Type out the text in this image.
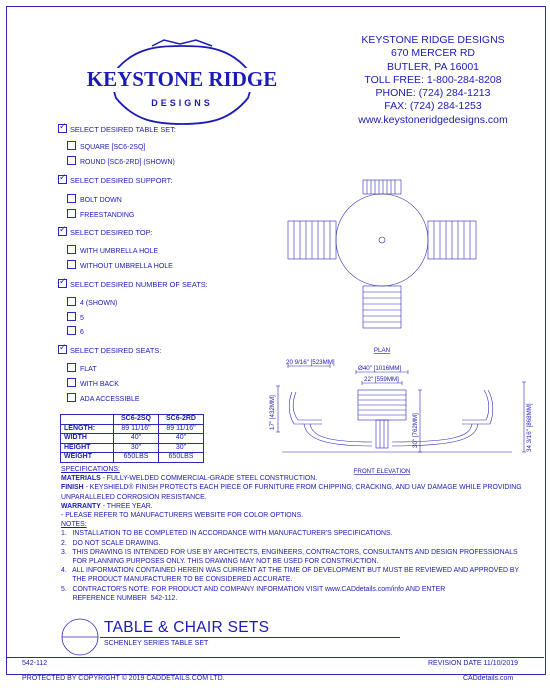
KEYSTONE RIDGE
DESIGNS
KEYSTONE RIDGE DESIGNS
670 MERCER RD
BUTLER, PA 16001
TOLL FREE: 1-800-284-8208
PHONE: (724) 284-1213
FAX: (724) 284-1253
www.keystoneridgedesigns.com
✓SELECT DESIRED TABLE SET:
SQUARE [SC6-2SQ]
ROUND [SC6-2RD] (SHOWN)
✓SELECT DESIRED SUPPORT:
BOLT DOWN
FREESTANDING
✓SELECT DESIRED TOP:
WITH UMBRELLA HOLE
WITHOUT UMBRELLA HOLE
✓SELECT DESIRED NUMBER OF SEATS:
4 (SHOWN)
5
6
✓SELECT DESIRED SEATS:
FLAT
WITH BACK
ADA ACCESSIBLE
	SC6-2SQ	SC6-2RD
LENGTH:	89 11/16"	89 11/16"
WIDTH	40"	40"
HEIGHT	30"	30"
WEIGHT	650LBS	650LBS
PLAN
20 9/16" [523MM]
Ø40" [1016MM]
22" [559MM]
17" [432MM]
30" [762MM]	34 3/16" [868MM]
FRONT ELEVATION
SPECIFICATIONS:
MATERIALS - FULLY-WELDED COMMERCIAL-GRADE STEEL CONSTRUCTION.
FINISH - KEYSHIELD® FINISH PROTECTS EACH PIECE OF FURNITURE FROM CHIPPING, CRACKING, AND UAV DAMAGE WHILE PROVIDING
UNPARALLELED CORROSION RESISTANCE.
WARRANTY - THREE YEAR.
- PLEASE REFER TO MANUFACTURERS WEBSITE FOR COLOR OPTIONS.
NOTES:
1.   INSTALLATION TO BE COMPLETED IN ACCORDANCE WITH MANUFACTURER'S SPECIFICATIONS.
2.   DO NOT SCALE DRAWING.
3.   THIS DRAWING IS INTENDED FOR USE BY ARCHITECTS, ENGINEERS, CONTRACTORS, CONSULTANTS AND DESIGN PROFESSIONALS
FOR PLANNING PURPOSES ONLY. THIS DRAWING MAY NOT BE USED FOR CONSTRUCTION.
4.   ALL INFORMATION CONTAINED HEREIN WAS CURRENT AT THE TIME OF DEVELOPMENT BUT MUST BE REVIEWED AND APPROVED BY
THE PRODUCT MANUFACTURER TO BE CONSIDERED ACCURATE.
5.   CONTRACTOR'S NOTE: FOR PRODUCT AND COMPANY INFORMATION VISIT www.CADdetails.com/info AND ENTER
REFERENCE NUMBER  542-112.
TABLE & CHAIR SETS
SCHENLEY SERIES TABLE SET
542-112	REVISION DATE 11/10/2019
PROTECTED BY COPYRIGHT © 2019 CADDETAILS.COM LTD.	CADdetails.com
